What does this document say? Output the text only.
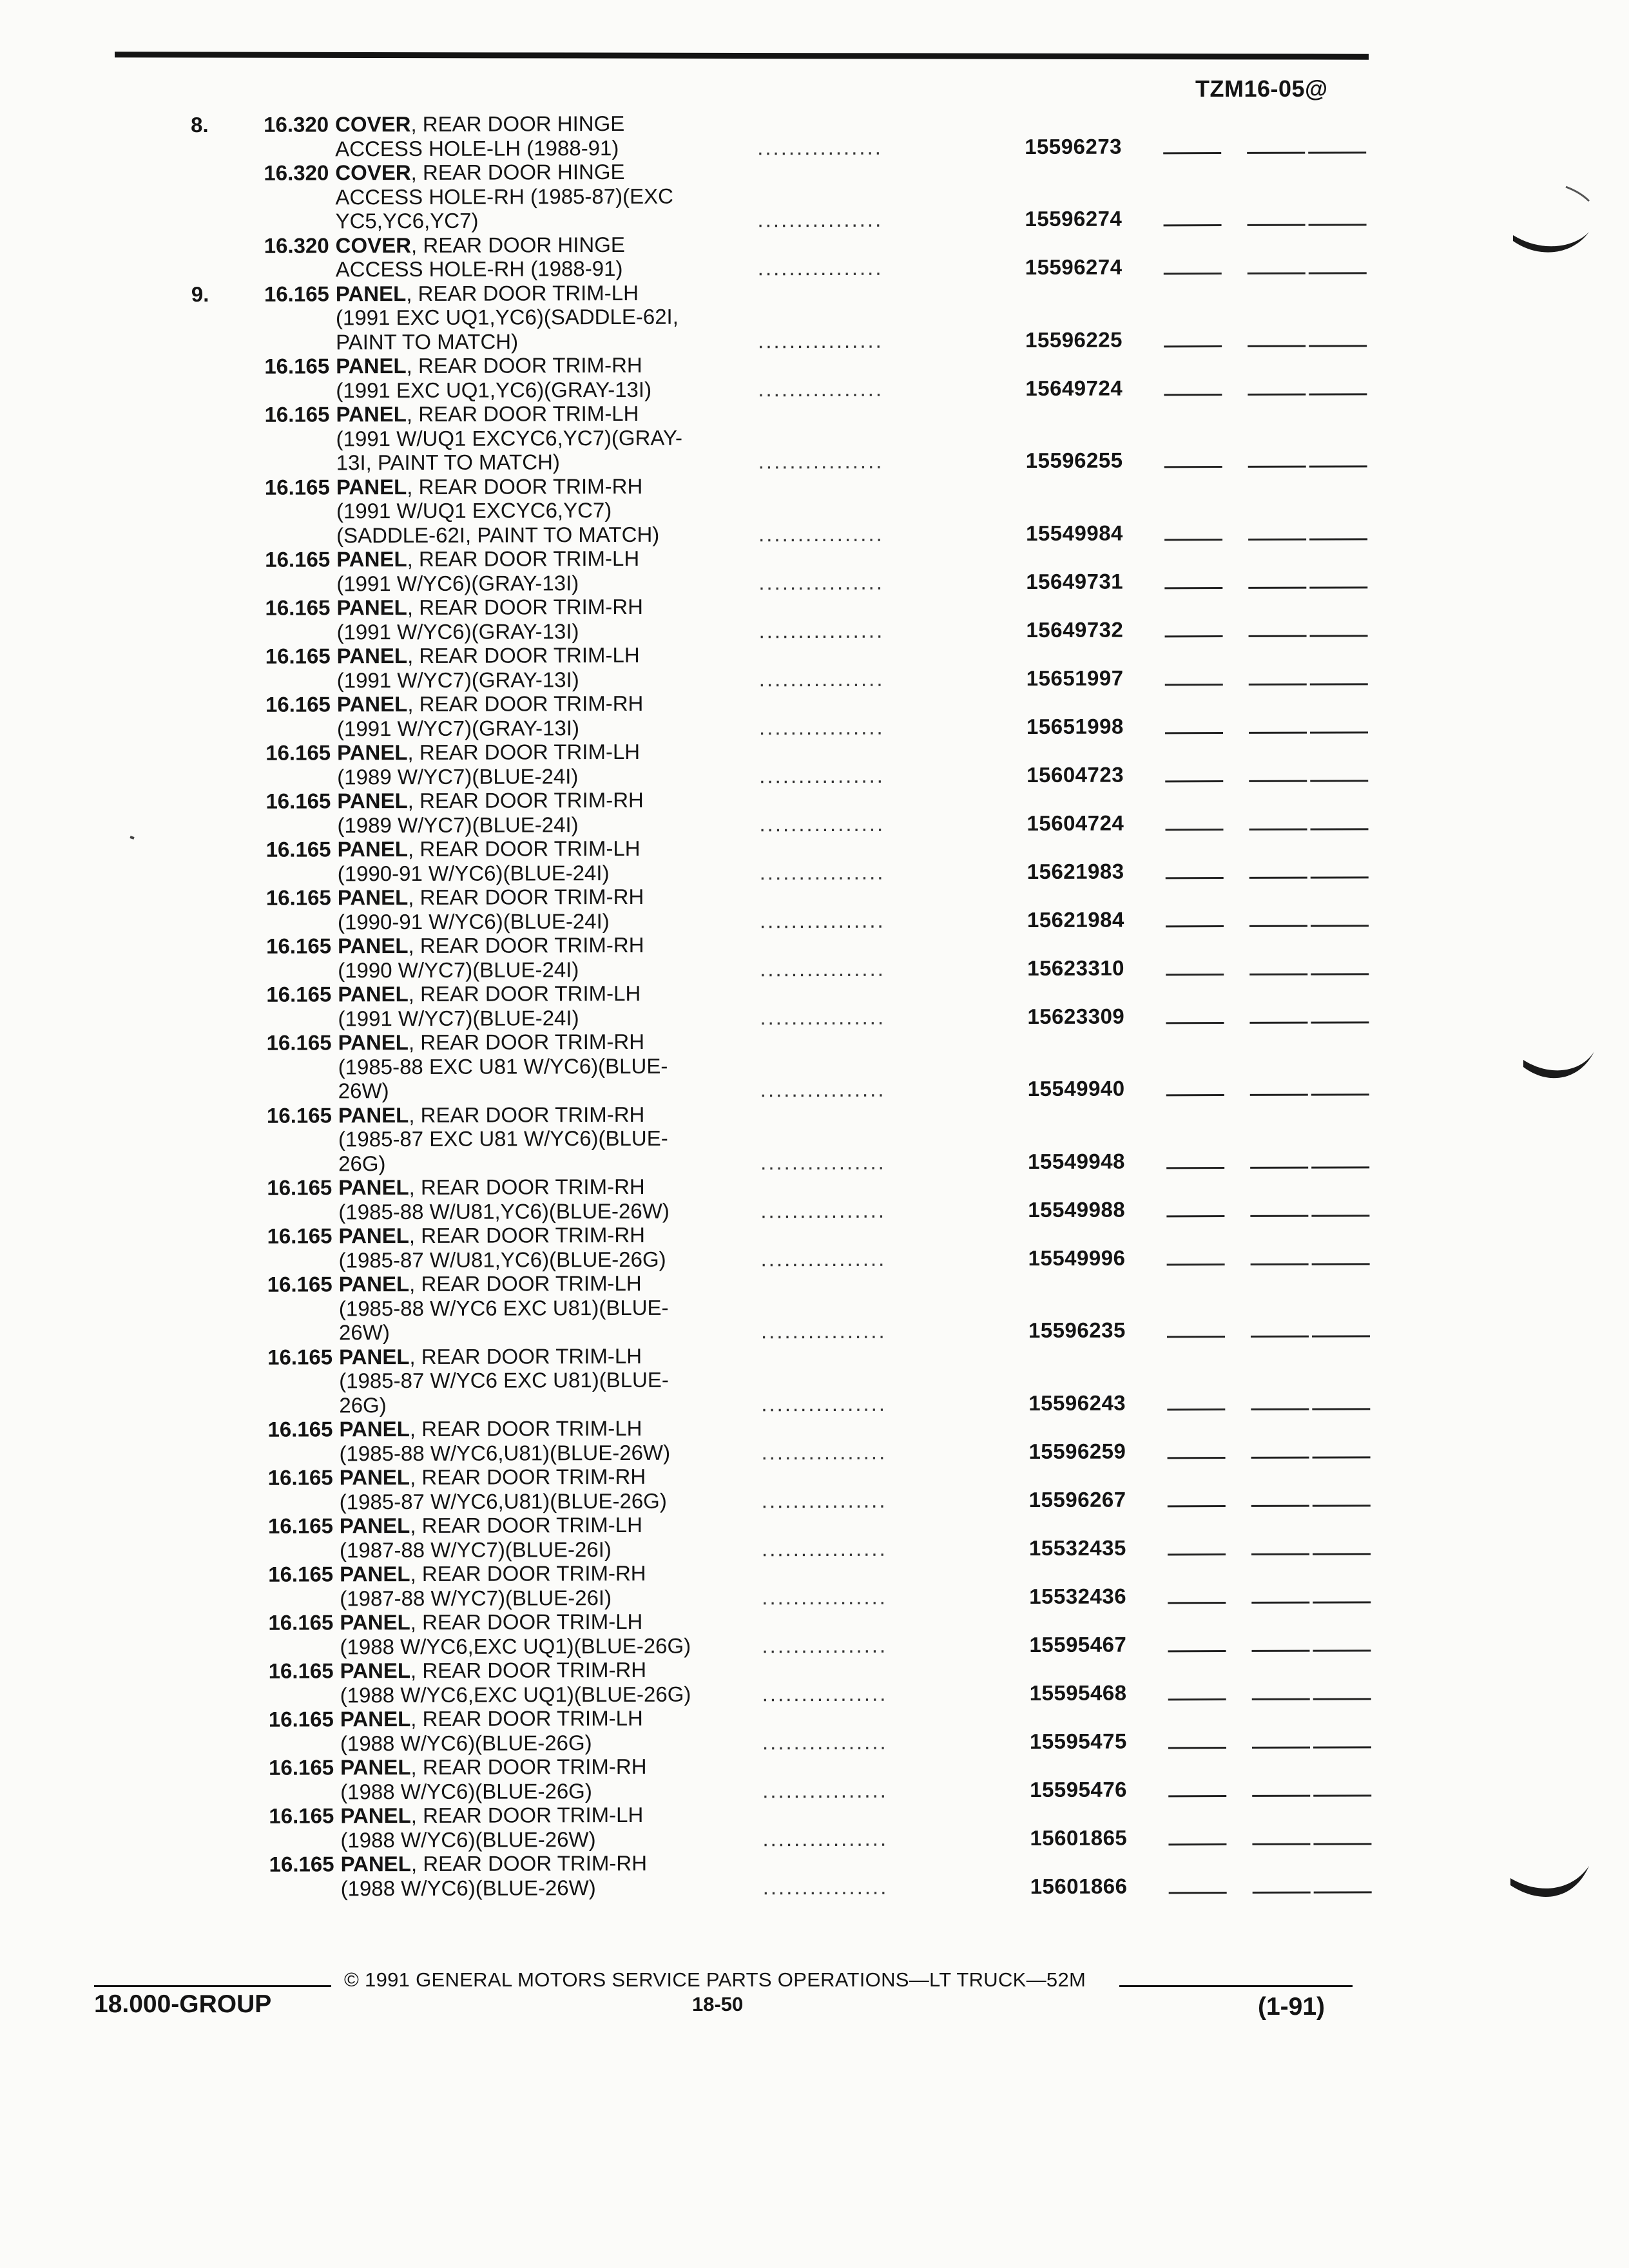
TZM16-05@
8.	16.320 COVER, REAR DOOR HINGE
ACCESS HOLE-LH (1988-91)	................	15596273
16.320 COVER, REAR DOOR HINGE
ACCESS HOLE-RH (1985-87)(EXC
YC5,YC6,YC7)	................	15596274
16.320 COVER, REAR DOOR HINGE
ACCESS HOLE-RH (1988-91)	................	15596274
9.	16.165 PANEL, REAR DOOR TRIM-LH
(1991 EXC UQ1,YC6)(SADDLE-62I,
PAINT TO MATCH)	................	15596225
16.165 PANEL, REAR DOOR TRIM-RH
(1991 EXC UQ1,YC6)(GRAY-13I)	................	15649724
16.165 PANEL, REAR DOOR TRIM-LH
(1991 W/UQ1 EXCYC6,YC7)(GRAY-
13I, PAINT TO MATCH)	................	15596255
16.165 PANEL, REAR DOOR TRIM-RH
(1991 W/UQ1 EXCYC6,YC7)
(SADDLE-62I, PAINT TO MATCH)	................	15549984
16.165 PANEL, REAR DOOR TRIM-LH
(1991 W/YC6)(GRAY-13I)	................	15649731
16.165 PANEL, REAR DOOR TRIM-RH
(1991 W/YC6)(GRAY-13I)	................	15649732
16.165 PANEL, REAR DOOR TRIM-LH
(1991 W/YC7)(GRAY-13I)	................	15651997
16.165 PANEL, REAR DOOR TRIM-RH
(1991 W/YC7)(GRAY-13I)	................	15651998
16.165 PANEL, REAR DOOR TRIM-LH
(1989 W/YC7)(BLUE-24I)	................	15604723
16.165 PANEL, REAR DOOR TRIM-RH
(1989 W/YC7)(BLUE-24I)	................	15604724
16.165 PANEL, REAR DOOR TRIM-LH
(1990-91 W/YC6)(BLUE-24I)	................	15621983
16.165 PANEL, REAR DOOR TRIM-RH
(1990-91 W/YC6)(BLUE-24I)	................	15621984
16.165 PANEL, REAR DOOR TRIM-RH
(1990 W/YC7)(BLUE-24I)	................	15623310
16.165 PANEL, REAR DOOR TRIM-LH
(1991 W/YC7)(BLUE-24I)	................	15623309
16.165 PANEL, REAR DOOR TRIM-RH
(1985-88 EXC U81 W/YC6)(BLUE-
26W)	................	15549940
16.165 PANEL, REAR DOOR TRIM-RH
(1985-87 EXC U81 W/YC6)(BLUE-
26G)	................	15549948
16.165 PANEL, REAR DOOR TRIM-RH
(1985-88 W/U81,YC6)(BLUE-26W)	................	15549988
16.165 PANEL, REAR DOOR TRIM-RH
(1985-87 W/U81,YC6)(BLUE-26G)	................	15549996
16.165 PANEL, REAR DOOR TRIM-LH
(1985-88 W/YC6 EXC U81)(BLUE-
26W)	................	15596235
16.165 PANEL, REAR DOOR TRIM-LH
(1985-87 W/YC6 EXC U81)(BLUE-
26G)	................	15596243
16.165 PANEL, REAR DOOR TRIM-LH
(1985-88 W/YC6,U81)(BLUE-26W)	................	15596259
16.165 PANEL, REAR DOOR TRIM-RH
(1985-87 W/YC6,U81)(BLUE-26G)	................	15596267
16.165 PANEL, REAR DOOR TRIM-LH
(1987-88 W/YC7)(BLUE-26I)	................	15532435
16.165 PANEL, REAR DOOR TRIM-RH
(1987-88 W/YC7)(BLUE-26I)	................	15532436
16.165 PANEL, REAR DOOR TRIM-LH
(1988 W/YC6,EXC UQ1)(BLUE-26G)	................	15595467
16.165 PANEL, REAR DOOR TRIM-RH
(1988 W/YC6,EXC UQ1)(BLUE-26G)	................	15595468
16.165 PANEL, REAR DOOR TRIM-LH
(1988 W/YC6)(BLUE-26G)	................	15595475
16.165 PANEL, REAR DOOR TRIM-RH
(1988 W/YC6)(BLUE-26G)	................	15595476
16.165 PANEL, REAR DOOR TRIM-LH
(1988 W/YC6)(BLUE-26W)	................	15601865
16.165 PANEL, REAR DOOR TRIM-RH
(1988 W/YC6)(BLUE-26W)	................	15601866
18.000-GROUP
© 1991 GENERAL MOTORS SERVICE PARTS OPERATIONS—LT TRUCK—52M
18-50	(1-91)
